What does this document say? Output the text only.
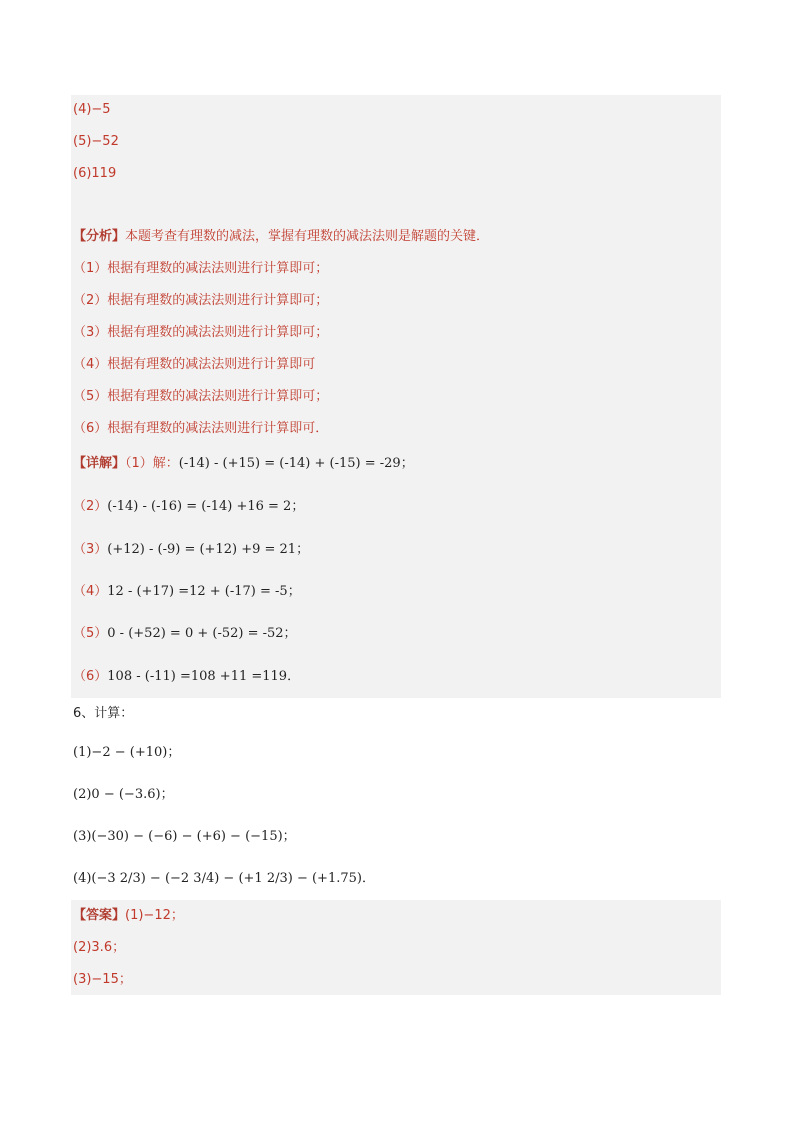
(4)−5
(5)−52
(6)119
【分析】本题考查有理数的减法，掌握有理数的减法法则是解题的关键．
（1）根据有理数的减法法则进行计算即可；
（2）根据有理数的减法法则进行计算即可；
（3）根据有理数的减法法则进行计算即可；
（4）根据有理数的减法法则进行计算即可
（5）根据有理数的减法法则进行计算即可；
（6）根据有理数的减法法则进行计算即可．
【详解】（1）解：(-14) - (+15) = (-14) + (-15) = -29；
（2）(-14) - (-16) = (-14) +16 = 2；
（3）(+12) - (-9) = (+12) +9 = 21；
（4）12 - (+17) =12 + (-17) = -5；
（5）0 - (+52) = 0 + (-52) = -52；
（6）108 - (-11) =108 +11 =119．
6、计算：
(1)−2 − (+10)；
(2)0 − (−3.6)；
(3)(−30) − (−6) − (+6) − (−15)；
(4)(−3 2/3) − (−2 3/4) − (+1 2/3) − (+1.75)．
【答案】(1)−12；
(2)3.6；
(3)−15；
